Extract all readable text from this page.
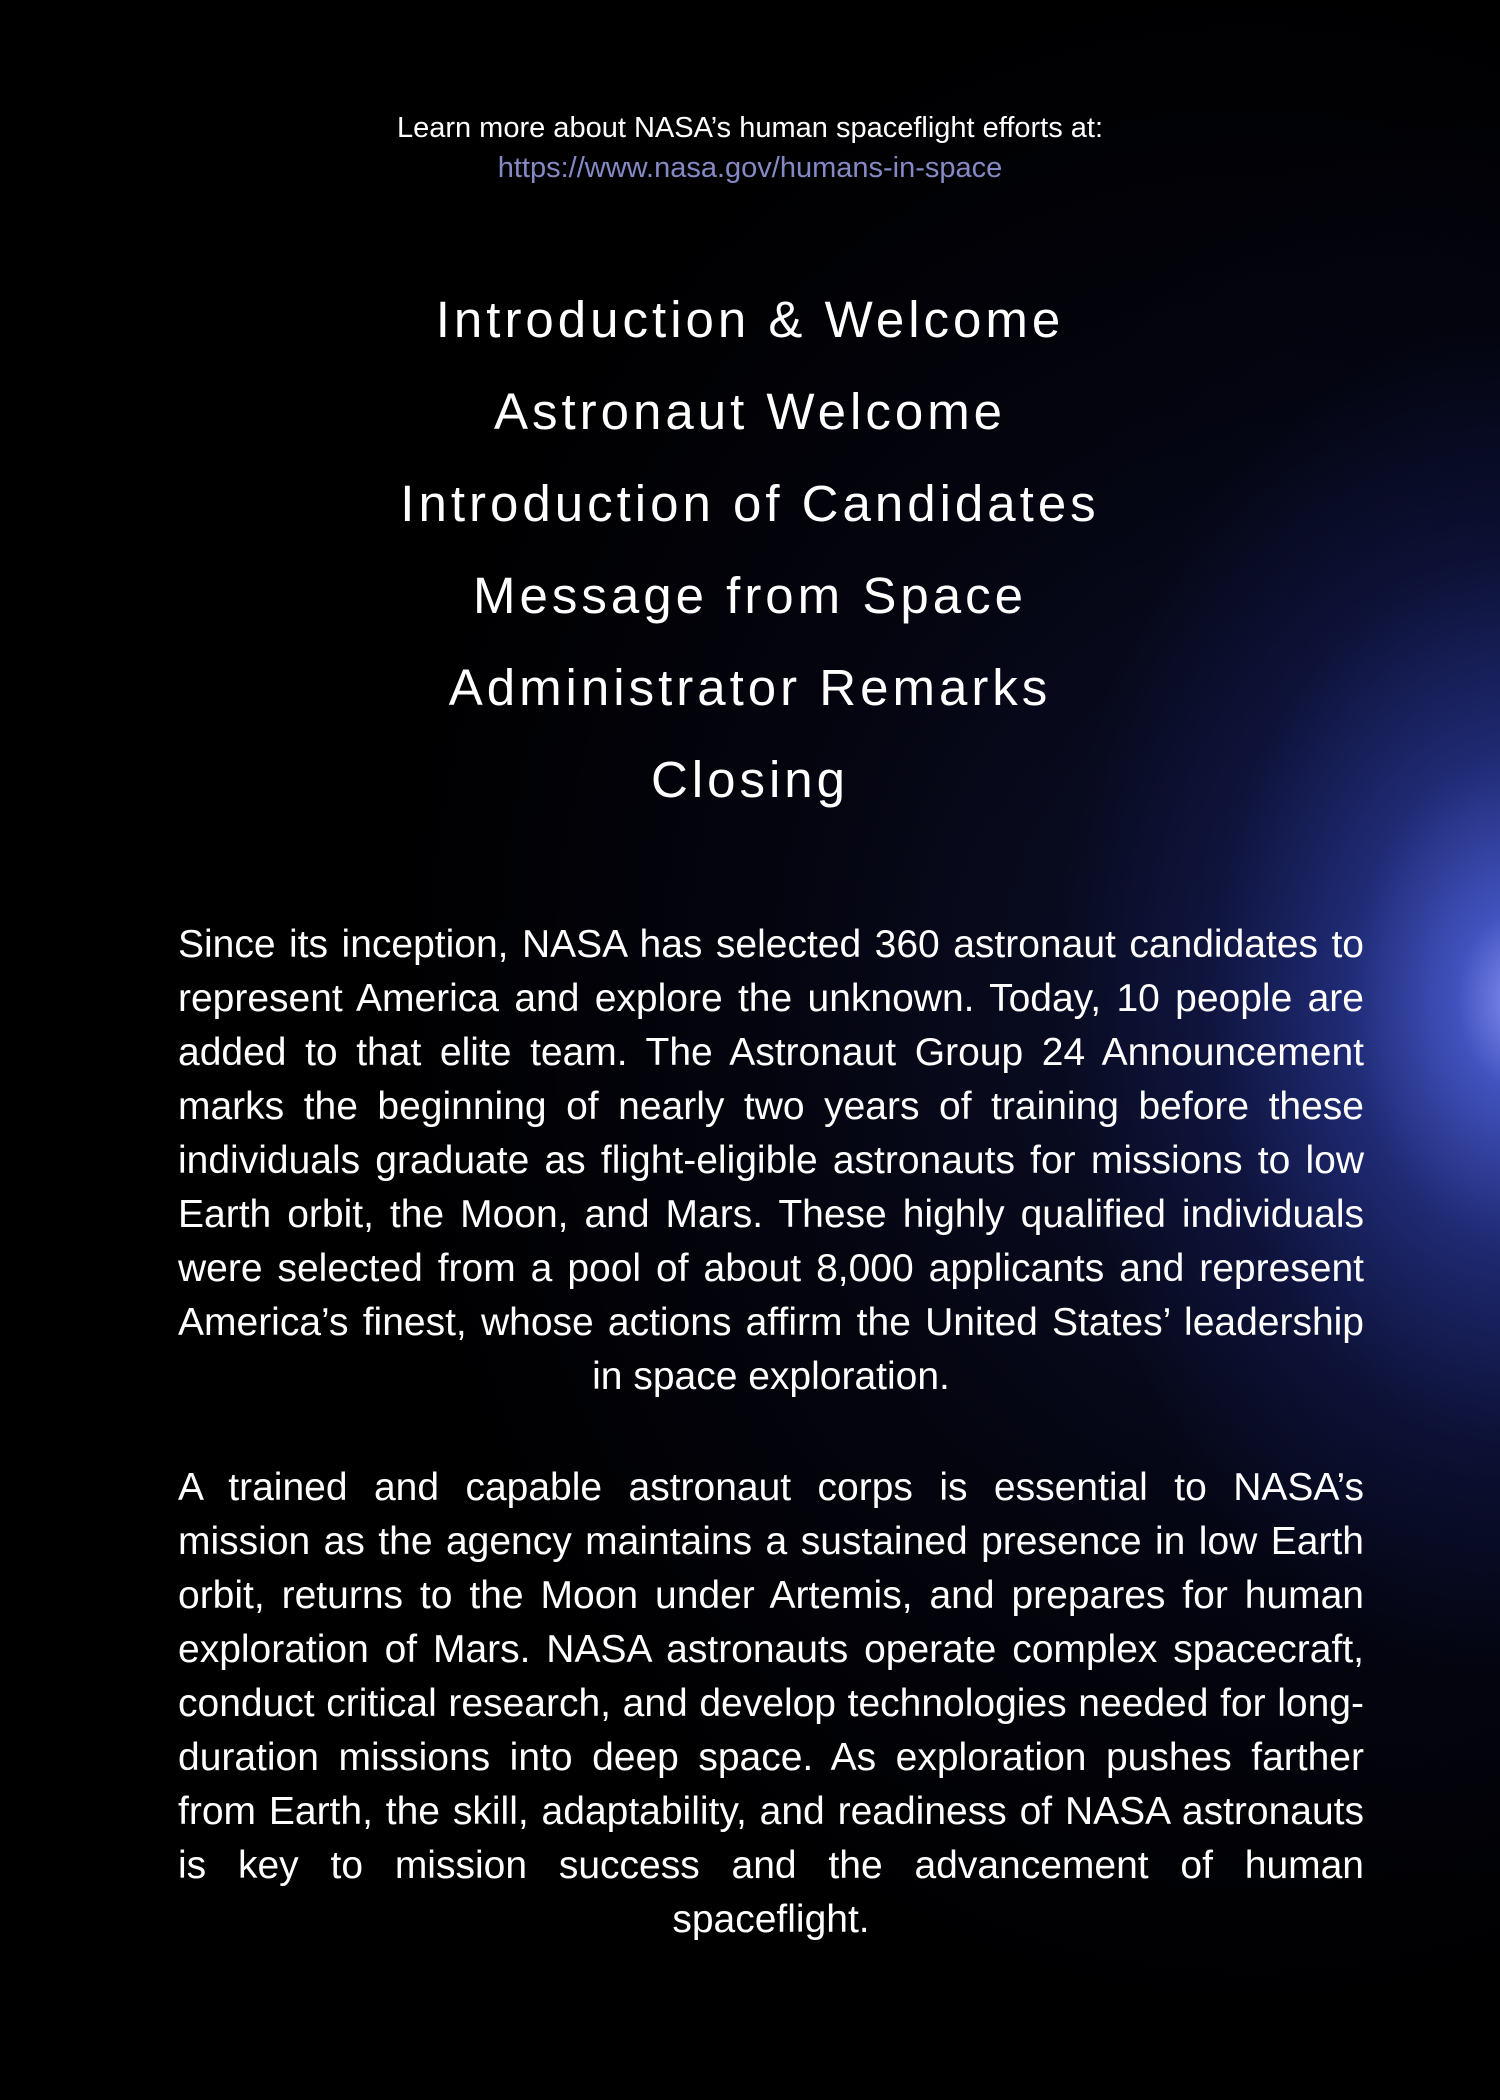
Learn more about NASA’s human spaceflight efforts at:
https://www.nasa.gov/humans-in-space
Introduction & Welcome
Astronaut Welcome
Introduction of Candidates
Message from Space
Administrator Remarks
Closing

Since its inception, NASA has selected 360 astronaut candidates to represent America and explore the unknown. Today, 10 people are added to that elite team. The Astronaut Group 24 Announcement marks the beginning of nearly two years of training before these individuals graduate as flight-eligible astronauts for missions to low Earth orbit, the Moon, and Mars. These highly qualified individuals were selected from a pool of about 8,000 applicants and represent America’s finest, whose actions affirm the United States’ leadership in space exploration.

A trained and capable astronaut corps is essential to NASA’s mission as the agency maintains a sustained presence in low Earth orbit, returns to the Moon under Artemis, and prepares for human exploration of Mars. NASA astronauts operate complex spacecraft, conduct critical research, and develop technologies needed for long-duration missions into deep space. As exploration pushes farther from Earth, the skill, adaptability, and readiness of NASA astronauts is key to mission success and the advancement of human spaceflight.
